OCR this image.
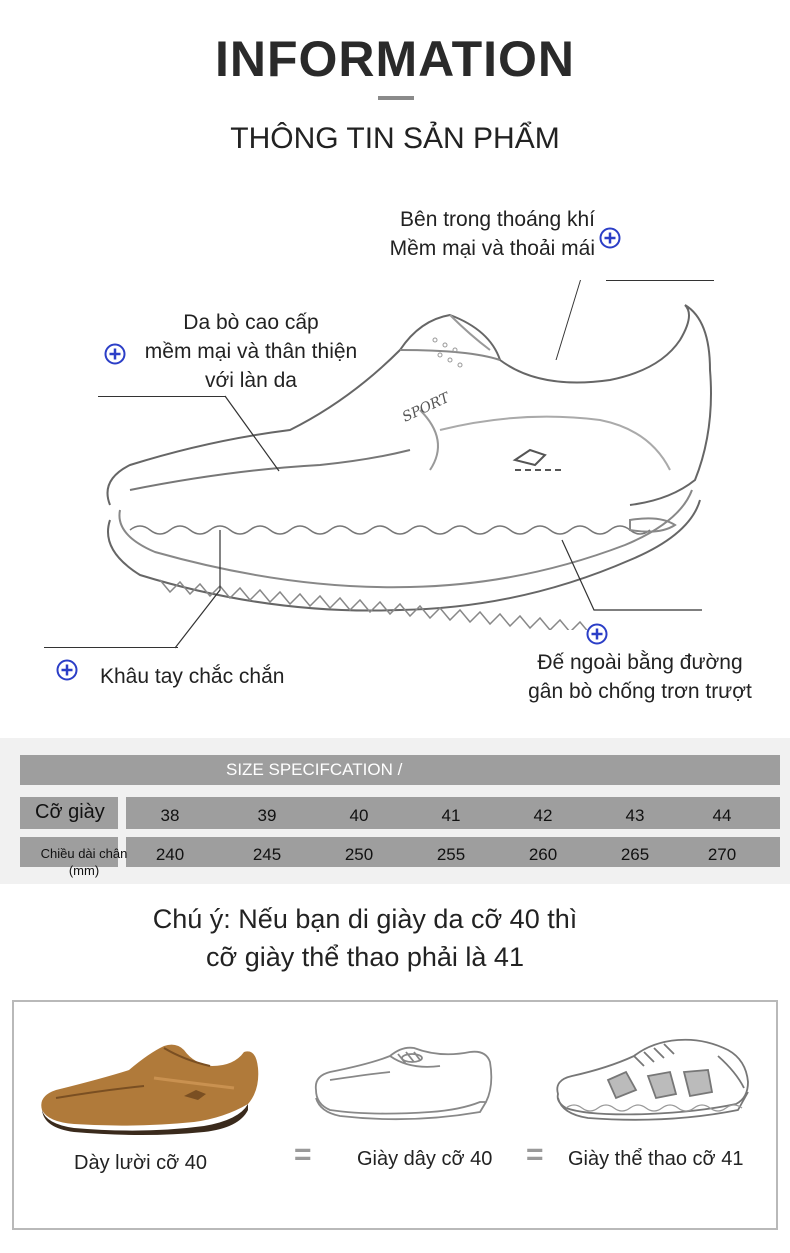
INFORMATION
THÔNG TIN SẢN PHẨM
SPORT
Bên trong thoáng khí
Mềm mại và thoải mái
Da bò cao cấp
mềm mại và thân thiện
với làn da
Khâu tay chắc chắn
Đế ngoài bằng đường
gân bò chống trơn trượt
SIZE SPECIFCATION /
Cỡ giày	38	39	40	41	42	43	44
Chiều dài chân
(mm)
240	245	250	255	260	265	270
Chú ý: Nếu bạn di giày da cỡ 40 thì
cỡ giày thể thao phải là 41
Dày lười cỡ 40	= Giày dây cỡ 40 = Giày thể thao cỡ 41
